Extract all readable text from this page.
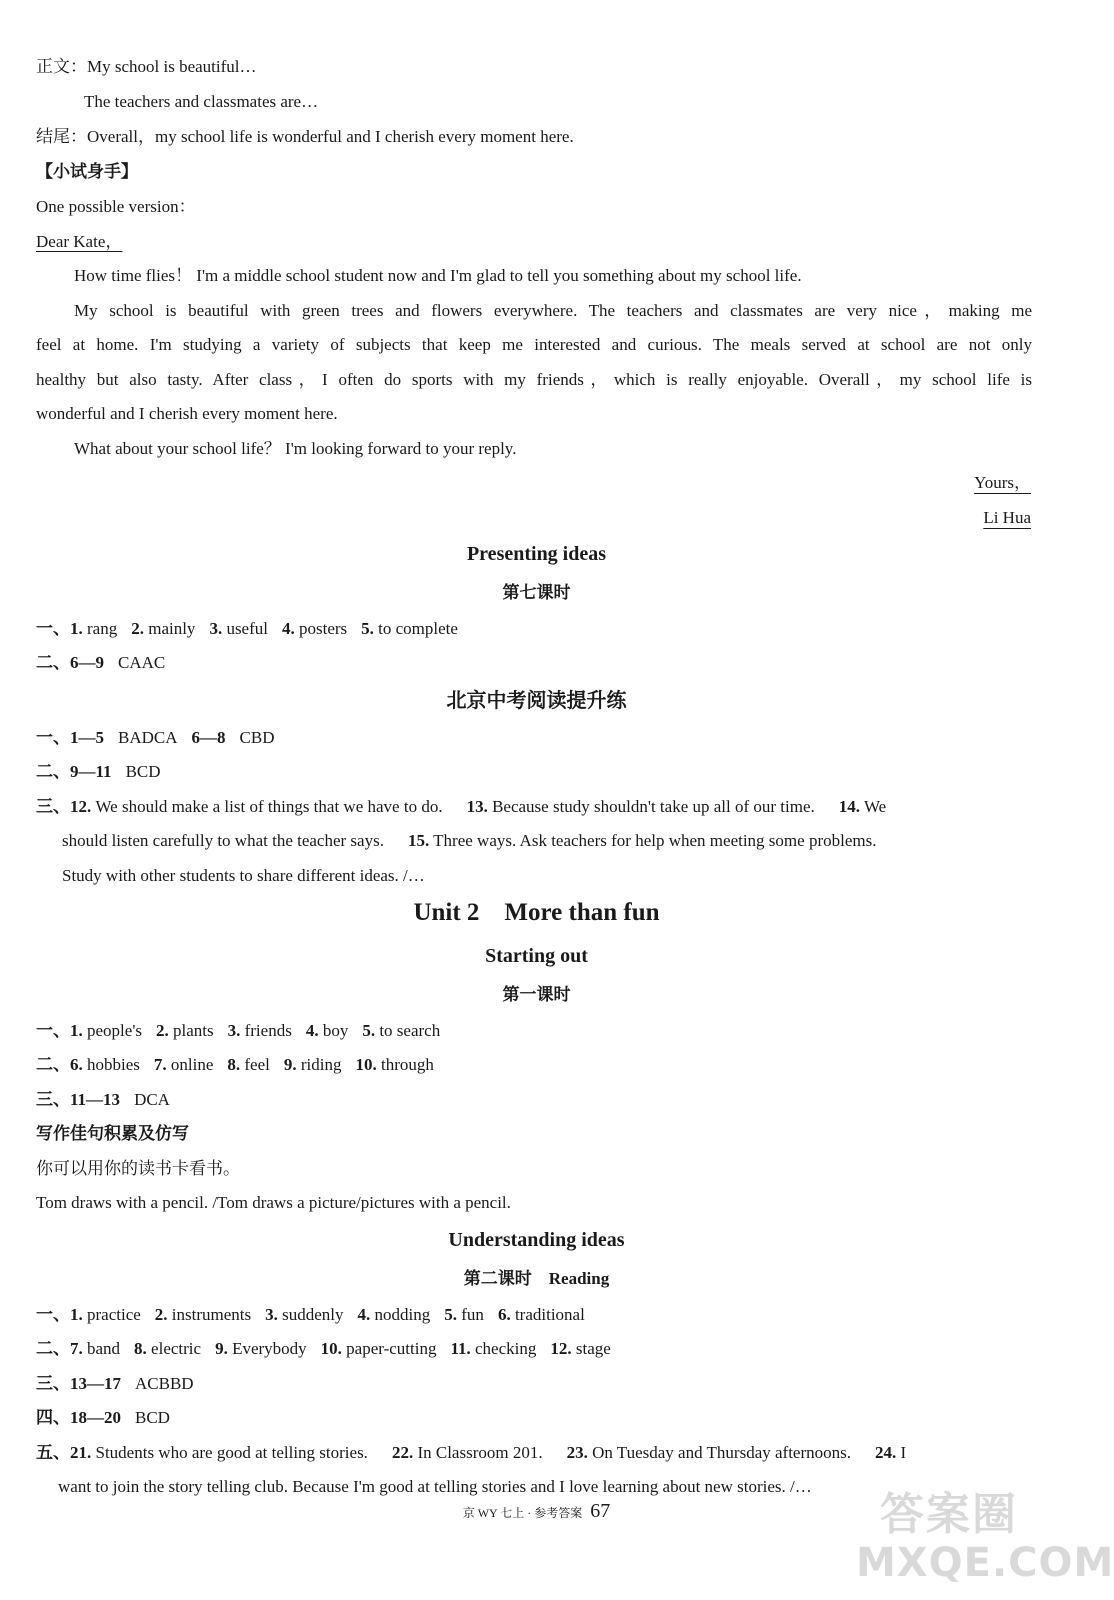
正文：My school is beautiful…
The teachers and classmates are…
结尾：Overall，my school life is wonderful and I cherish every moment here.
【小试身手】
One possible version：
Dear Kate，
How time flies！ I'm a middle school student now and I'm glad to tell you something about my school life.
My school is beautiful with green trees and flowers everywhere. The teachers and classmates are very nice，making me
feel at home. I'm studying a variety of subjects that keep me interested and curious. The meals served at school are not only
healthy but also tasty. After class，I often do sports with my friends，which is really enjoyable. Overall，my school life is
wonderful and I cherish every moment here.
What about your school life？ I'm looking forward to your reply.
Yours，
Li Hua
Presenting ideas
第七课时
一、1. rang 2. mainly 3. useful 4. posters 5. to complete
二、6—9 CAAC
北京中考阅读提升练
一、1—5 BADCA 6—8 CBD
二、9—11 BCD
三、12. We should make a list of things that we have to do. 13. Because study shouldn't take up all of our time. 14. We
should listen carefully to what the teacher says. 15. Three ways. Ask teachers for help when meeting some problems.
Study with other students to share different ideas. /…
Unit 2　More than fun
Starting out
第一课时
一、1. people's 2. plants 3. friends 4. boy 5. to search
二、6. hobbies 7. online 8. feel 9. riding 10. through
三、11—13 DCA
写作佳句积累及仿写
你可以用你的读书卡看书。
Tom draws with a pencil. /Tom draws a picture/pictures with a pencil.
Understanding ideas
第二课时　 Reading
一、1. practice 2. instruments 3. suddenly 4. nodding 5. fun 6. traditional
二、7. band 8. electric 9. Everybody 10. paper-cutting 11. checking 12. stage
三、13—17 ACBBD
四、18—20 BCD
五、21. Students who are good at telling stories. 22. In Classroom 201. 23. On Tuesday and Thursday afternoons. 24. I
want to join the story telling club. Because I'm good at telling stories and I love learning about new stories. /…
京 WY 七上 · 参考答案 67	答案圈
MXQE.COM
